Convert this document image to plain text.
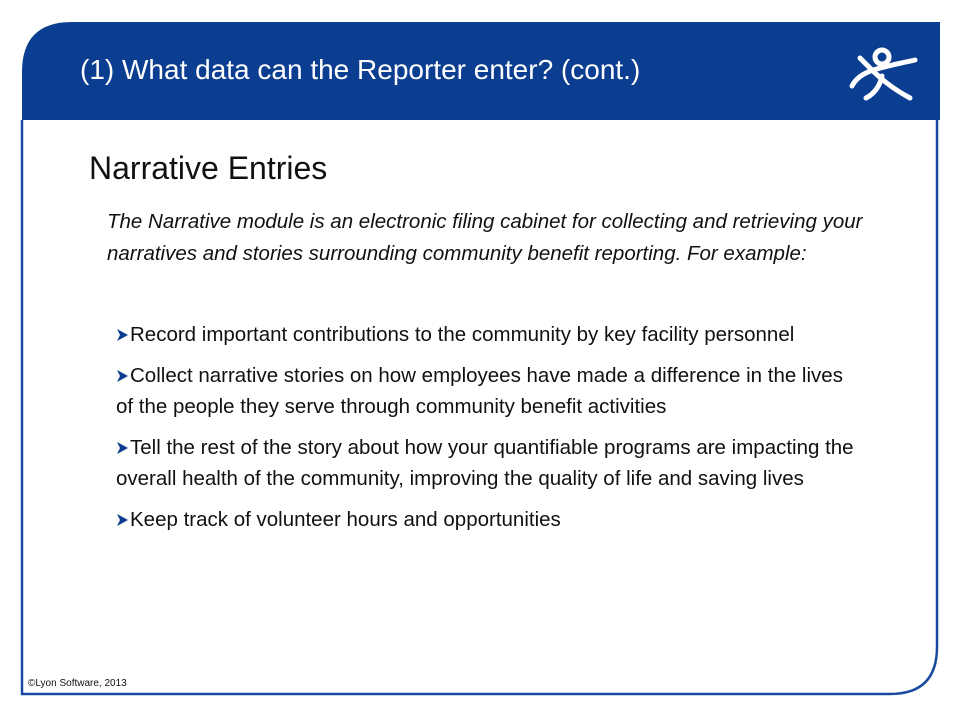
(1) What data can the Reporter enter? (cont.)
Narrative Entries
The Narrative module is an electronic filing cabinet for collecting and retrieving your narratives and stories surrounding community benefit reporting. For example:
Record important contributions to the community by key facility personnel
Collect narrative stories on how employees have made a difference in the lives of the people they serve through community benefit activities
Tell the rest of the story about how your quantifiable programs are impacting the overall health of the community, improving the quality of life and saving lives
Keep track of volunteer hours and opportunities
©Lyon Software, 2013
